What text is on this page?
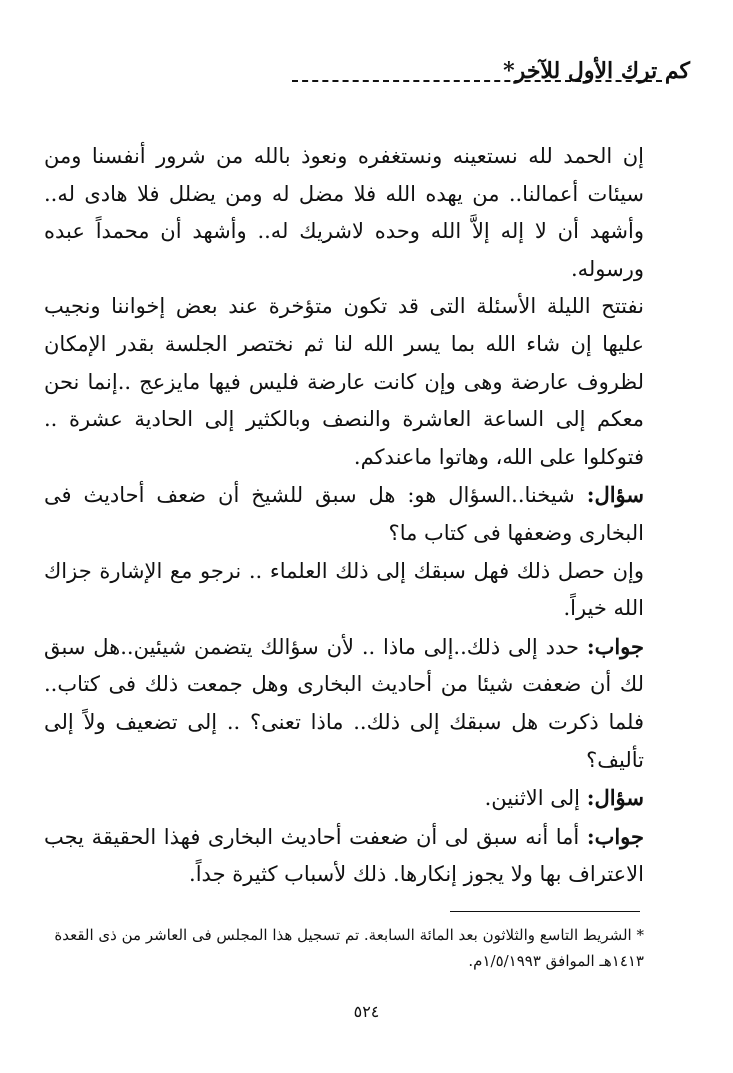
كم ترك الأول للآخر*

إن الحمد لله نستعينه ونستغفره ونعوذ بالله من شرور أنفسنا ومن سيئات أعمالنا.. من يهده الله فلا مضل له ومن يضلل فلا هادى له.. وأشهد أن لا إله إلاَّ الله وحده لاشريك له.. وأشهد أن محمداً عبده ورسوله.

نفتتح الليلة الأسئلة التى قد تكون متؤخرة عند بعض إخواننا ونجيب عليها إن شاء الله بما يسر الله لنا ثم نختصر الجلسة بقدر الإمكان لظروف عارضة وهى وإن كانت عارضة فليس فيها مايزعج ..إنما نحن معكم إلى الساعة العاشرة والنصف وبالكثير إلى الحادية عشرة .. فتوكلوا على الله، وهاتوا ماعندكم.

سؤال: شيخنا..السؤال هو: هل سبق للشيخ أن ضعف أحاديث فى البخارى وضعفها فى كتاب ما؟

وإن حصل ذلك فهل سبقك إلى ذلك العلماء .. نرجو مع الإشارة جزاك الله خيراً.

جواب: حدد إلى ذلك..إلى ماذا .. لأن سؤالك يتضمن شيئين..هل سبق لك أن ضعفت شيئا من أحاديث البخارى وهل جمعت ذلك فى كتاب.. فلما ذكرت هل سبقك إلى ذلك.. ماذا تعنى؟ .. إلى تضعيف ولاً إلى تأليف؟

سؤال: إلى الاثنين.

جواب: أما أنه سبق لى أن ضعفت أحاديث البخارى فهذا الحقيقة يجب الاعتراف بها ولا يجوز إنكارها. ذلك لأسباب كثيرة جداً.

* الشريط التاسع والثلاثون بعد المائة السابعة. تم تسجيل هذا المجلس فى العاشر من ذى القعدة ١٤١٣هـ الموافق ١/٥/١٩٩٣م.
٥٢٤
